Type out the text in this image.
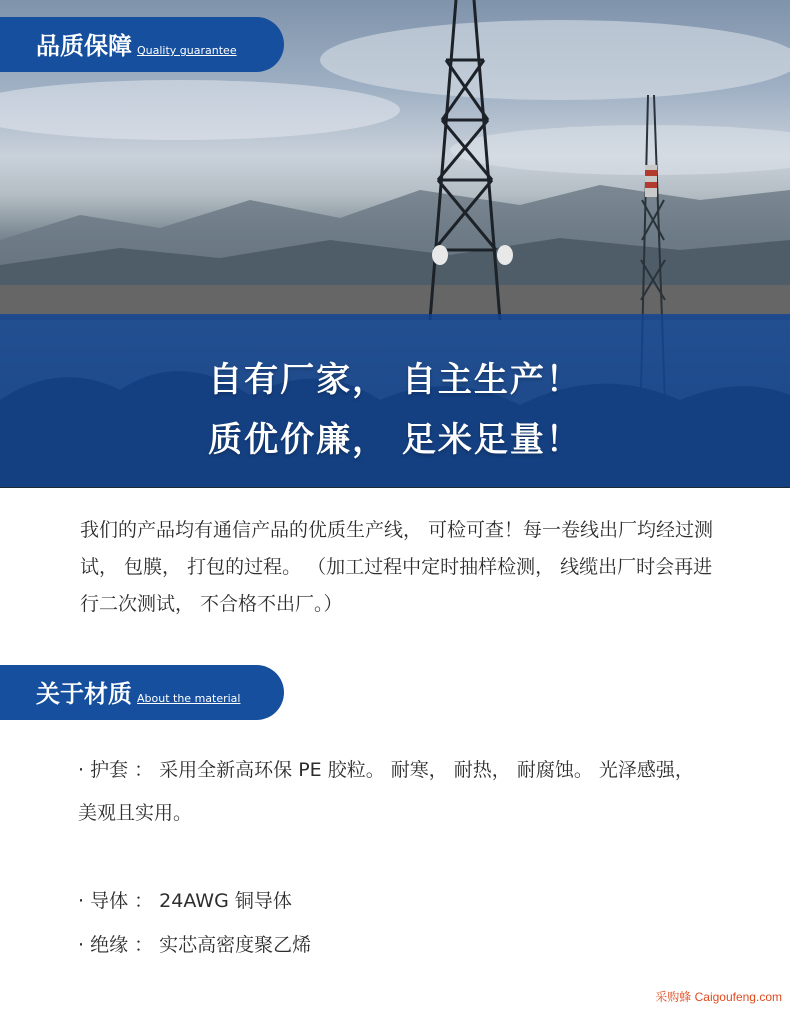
自有厂家， 自主生产！
质优价廉， 足米足量！
品质保障 Quality guarantee
我们的产品均有通信产品的优质生产线， 可检可查！每一卷线出厂均经过测试， 包膜， 打包的过程。 （加工过程中定时抽样检测， 线缆出厂时会再进行二次测试， 不合格不出厂。）
关于材质 About the material
· 护套 ： 采用全新高环保 PE 胶粒。 耐寒， 耐热， 耐腐蚀。 光泽感强， 美观且实用。
· 导体 ： 24AWG 铜导体
· 绝缘 ： 实芯高密度聚乙烯
采购蜂 Caigoufeng.com
